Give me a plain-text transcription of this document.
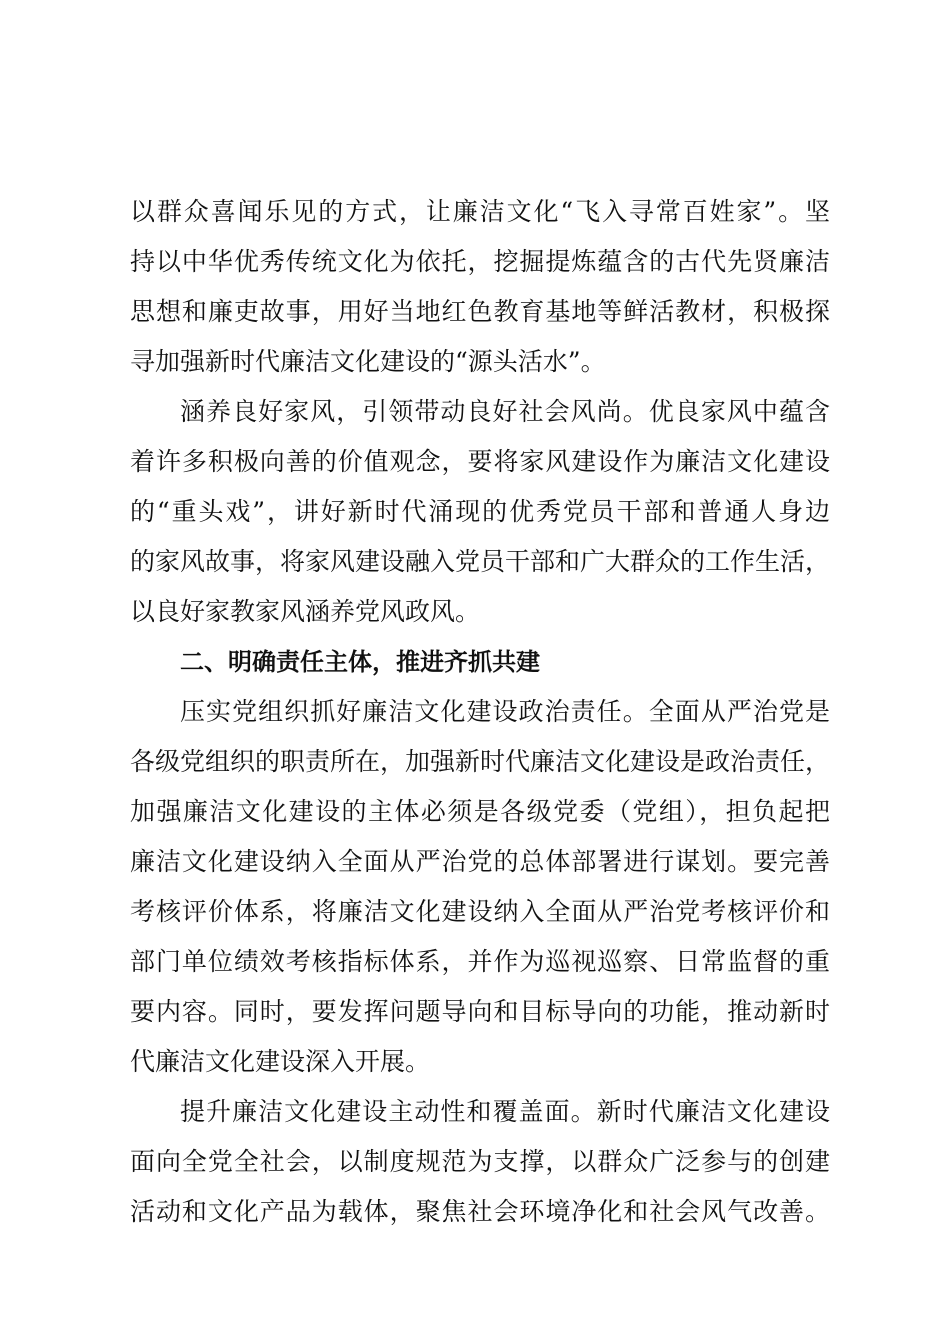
以群众喜闻乐见的方式，让廉洁文化“飞入寻常百姓家”。坚
持以中华优秀传统文化为依托，挖掘提炼蕴含的古代先贤廉洁
思想和廉吏故事，用好当地红色教育基地等鲜活教材，积极探
寻加强新时代廉洁文化建设的“源头活水”。
涵养良好家风，引领带动良好社会风尚。优良家风中蕴含
着许多积极向善的价值观念，要将家风建设作为廉洁文化建设
的“重头戏”，讲好新时代涌现的优秀党员干部和普通人身边
的家风故事，将家风建设融入党员干部和广大群众的工作生活，
以良好家教家风涵养党风政风。
二、明确责任主体，推进齐抓共建
压实党组织抓好廉洁文化建设政治责任。全面从严治党是
各级党组织的职责所在，加强新时代廉洁文化建设是政治责任，
加强廉洁文化建设的主体必须是各级党委（党组），担负起把
廉洁文化建设纳入全面从严治党的总体部署进行谋划。要完善
考核评价体系，将廉洁文化建设纳入全面从严治党考核评价和
部门单位绩效考核指标体系，并作为巡视巡察、日常监督的重
要内容。同时，要发挥问题导向和目标导向的功能，推动新时
代廉洁文化建设深入开展。
提升廉洁文化建设主动性和覆盖面。新时代廉洁文化建设
面向全党全社会，以制度规范为支撑，以群众广泛参与的创建
活动和文化产品为载体，聚焦社会环境净化和社会风气改善。
